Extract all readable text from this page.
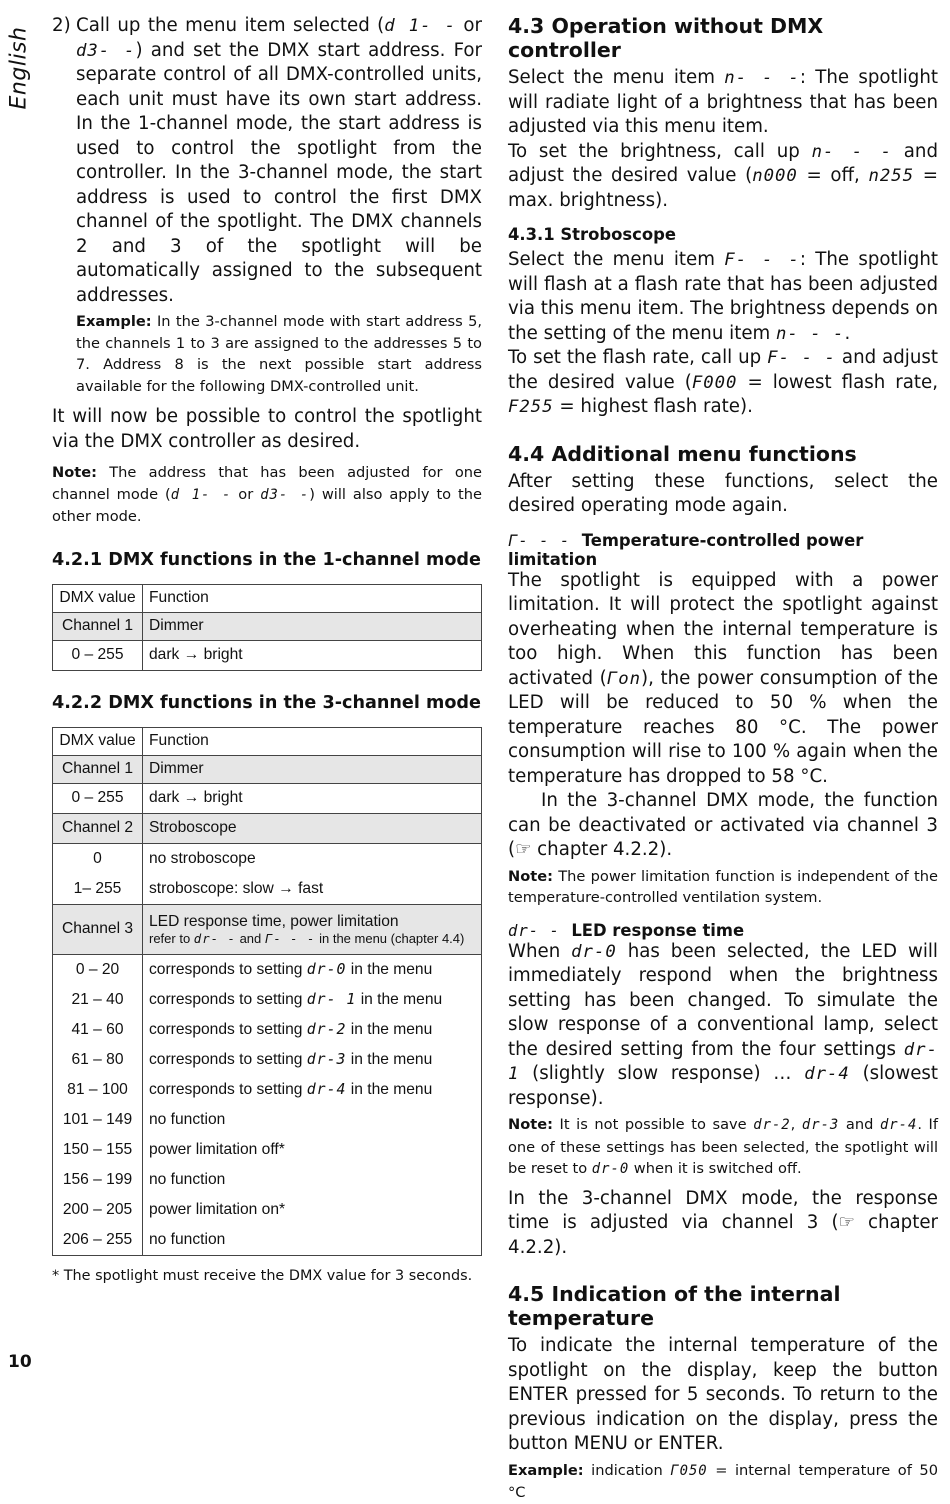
English
10
2) Call up the menu item selected (d 1- - or d3- -) and set the DMX start address. For separate control of all DMX-controlled units, each unit must have its own start address. In the 1-channel mode, the start address is used to control the spotlight from the controller. In the 3-channel mode, the start address is used to control the first DMX channel of the spotlight. The DMX channels 2 and 3 of the spotlight will be automatically assigned to the subsequent addresses.

Example: In the 3-channel mode with start address 5, the channels 1 to 3 are assigned to the addresses 5 to 7. Address 8 is the next possible start address available for the following DMX-controlled unit.

It will now be possible to control the spotlight via the DMX controller as desired.

Note: The address that has been adjusted for one channel mode (d 1- - or d3- -) will also apply to the other mode.

4.2.1 DMX functions in the 1-channel mode
DMX value	Function
Channel 1	Dimmer
0 – 255	dark → bright
4.2.2 DMX functions in the 3-channel mode
DMX value	Function
Channel 1	Dimmer
0 – 255	dark → bright
Channel 2	Stroboscope
0	no stroboscope
1– 255	stroboscope: slow → fast
Channel 3	LED response time, power limitation
refer to dr- - and Γ- - - in the menu (chapter 4.4)

0 – 20	corresponds to setting dr-0 in the menu
21 – 40	corresponds to setting dr- 1 in the menu
41 – 60	corresponds to setting dr-2 in the menu
61 – 80	corresponds to setting dr-3 in the menu
81 – 100	corresponds to setting dr-4 in the menu
101 – 149	no function
150 – 155	power limitation off*
156 – 199	no function
200 – 205	power limitation on*
206 – 255	no function

* The spotlight must receive the DMX value for 3 seconds.

4.3 Operation without DMX controller

Select the menu item n- - -: The spotlight will radiate light of a brightness that has been adjusted via this menu item.

To set the brightness, call up n- - - and adjust the desired value (n000 = off, n255 = max. brightness).

4.3.1 Stroboscope

Select the menu item F- - -: The spotlight will flash at a flash rate that has been adjusted via this menu item. The brightness depends on the setting of the menu item n- - -.

To set the flash rate, call up F- - - and adjust the desired value (F000 = lowest flash rate, F255 = highest flash rate).

4.4 Additional menu functions

After setting these functions, select the desired operating mode again.

Γ- - - Temperature-controlled power limitation

The spotlight is equipped with a power limitation. It will protect the spotlight against overheating when the internal temperature is too high. When this function has been activated (Γon), the power consumption of the LED will be reduced to 50 % when the temperature reaches 80 °C. The power consumption will rise to 100 % again when the temperature has dropped to 58 °C.

In the 3-channel DMX mode, the function can be deactivated or activated via channel 3 (☞ chapter 4.2.2).

Note: The power limitation function is independent of the temperature-controlled ventilation system.

dr- - LED response time

When dr-0 has been selected, the LED will immediately respond when the brightness setting has been changed. To simulate the slow response of a conventional lamp, select the desired setting from the four settings dr- 1 (slightly slow response) … dr-4 (slowest response).

Note: It is not possible to save dr-2, dr-3 and dr-4. If one of these settings has been selected, the spotlight will be reset to dr-0 when it is switched off.

In the 3-channel DMX mode, the response time is adjusted via channel 3 (☞ chapter 4.2.2).

4.5 Indication of the internal temperature

To indicate the internal temperature of the spotlight on the display, keep the button ENTER pressed for 5 seconds. To return to the previous indication on the display, press the button MENU or ENTER.

Example: indication Γ050 = internal temperature of 50 °C
